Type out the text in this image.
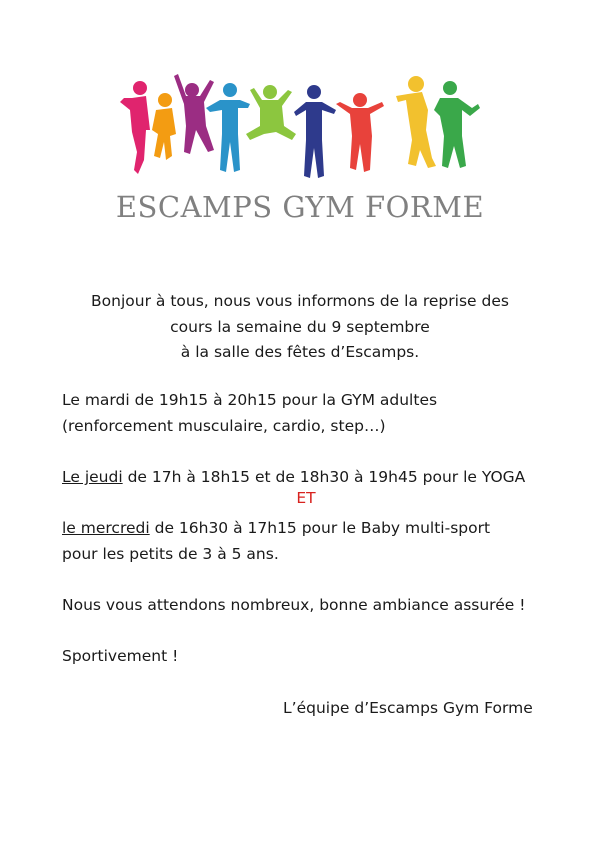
ESCAMPS GYM FORME
Bonjour à tous, nous vous informons de la reprise des
cours la semaine du 9 septembre
à la salle des fêtes d’Escamps.
Le mardi de 19h15 à 20h15 pour la GYM adultes
(renforcement musculaire, cardio, step…)
Le jeudi de 17h à 18h15 et de 18h30 à 19h45 pour le YOGA
ET
le mercredi de 16h30 à 17h15 pour le Baby multi-sport
pour les petits de 3 à 5 ans.
Nous vous attendons nombreux, bonne ambiance assurée !
Sportivement !
L’équipe d’Escamps Gym Forme
